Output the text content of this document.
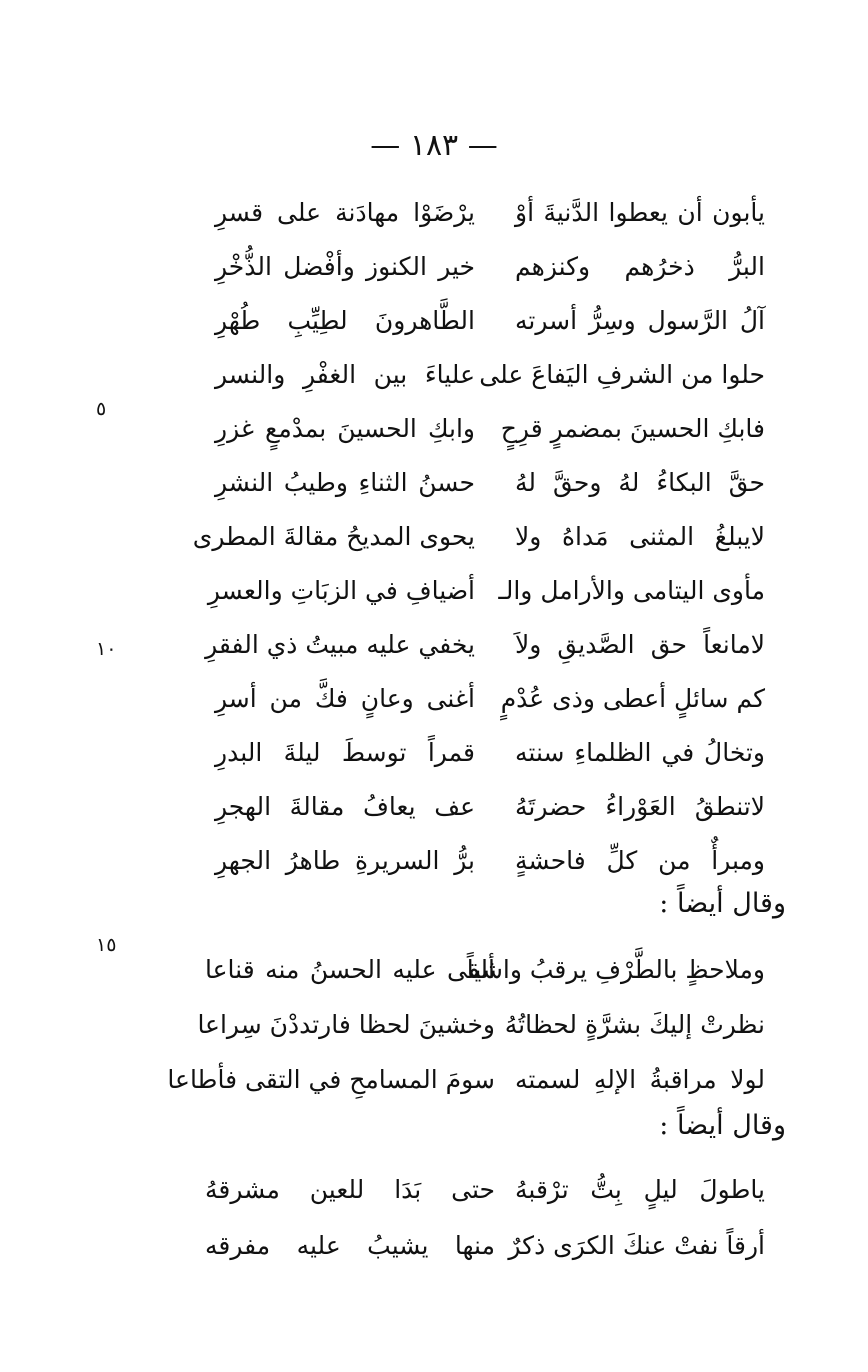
— ١٨٣ —
يأبون أن يعطوا الدَّنيةَ أوْ
يرْضَوْا مهادَنة على قسرِ
البرُّ ذخرُهم وكنزهم
خير الكنوز وأفْضل الذُّخْرِ
آلُ الرَّسول وسِرُّ أسرته
الطَّاهرونَ لطِيِّبِ طُهْرِ
حلوا من الشرفِ اليَفاعَ على
علياءَ بين الغفْرِ والنسر
فابكِ الحسينَ بمضمرٍ قرِحٍ
وابكِ الحسينَ بمدْمعٍ غزرِ
حقَّ البكاءُ لهُ وحقَّ لهُ
حسنُ الثناءِ وطيبُ النشرِ
لايبلغُ المثنى مَداهُ ولا
يحوى المديحُ مقالةَ المطرى
مأوى اليتامى والأرامل والـ
أضيافِ في الزبَاتِ والعسرِ
لامانعاً حق الصَّديقِ ولاَ
يخفي عليه مبيتُ ذي الفقرِ
كم سائلٍ أعطى وذى عُدْمٍ
أغنى وعانٍ فكَّ من أسرِ
وتخالُ في الظلماءِ سنته
قمراً توسطَ ليلةَ البدرِ
لاتنطقُ العَوْراءُ حضرتَهُ
عف يعافُ مقالةَ الهجرِ
ومبرأٌ من كلِّ فاحشةٍ
برُّ السريرةِ طاهرُ الجهرِ
وقال أيضاً :
وملاحظٍ بالطَّرْفِ يرقبُ واشياً
ألقى عليه الحسنُ منه قناعا
نظرتْ إليكَ بشرَّةٍ لحظاتُهُ
وخشينَ لحظا فارتددْنَ سِراعا
لولا مراقبةُ الإلهِ لسمته
سومَ المسامحِ في التقى فأطاعا
وقال أيضاً :
ياطولَ ليلٍ بِتُّ ترْقبهُ
حتى بَدَا للعين مشرقهُ
أرقاً نفتْ عنكَ الكرَى ذكرٌ
منها يشيبُ عليه مفرقه
٥
١٠
١٥
